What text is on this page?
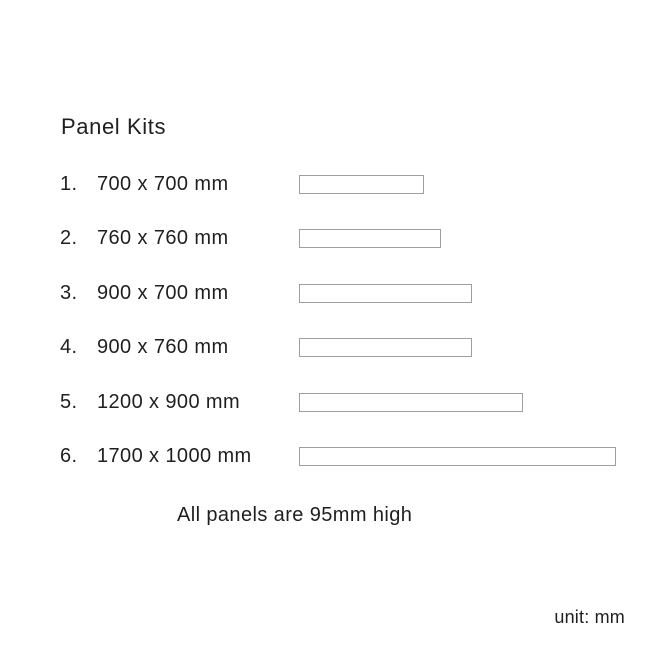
Panel Kits
1. 700 x 700 mm
2. 760 x 760 mm
3. 900 x 700 mm
4. 900 x 760 mm
5. 1200 x 900 mm
6. 1700 x 1000 mm
All panels are 95mm high
unit: mm
